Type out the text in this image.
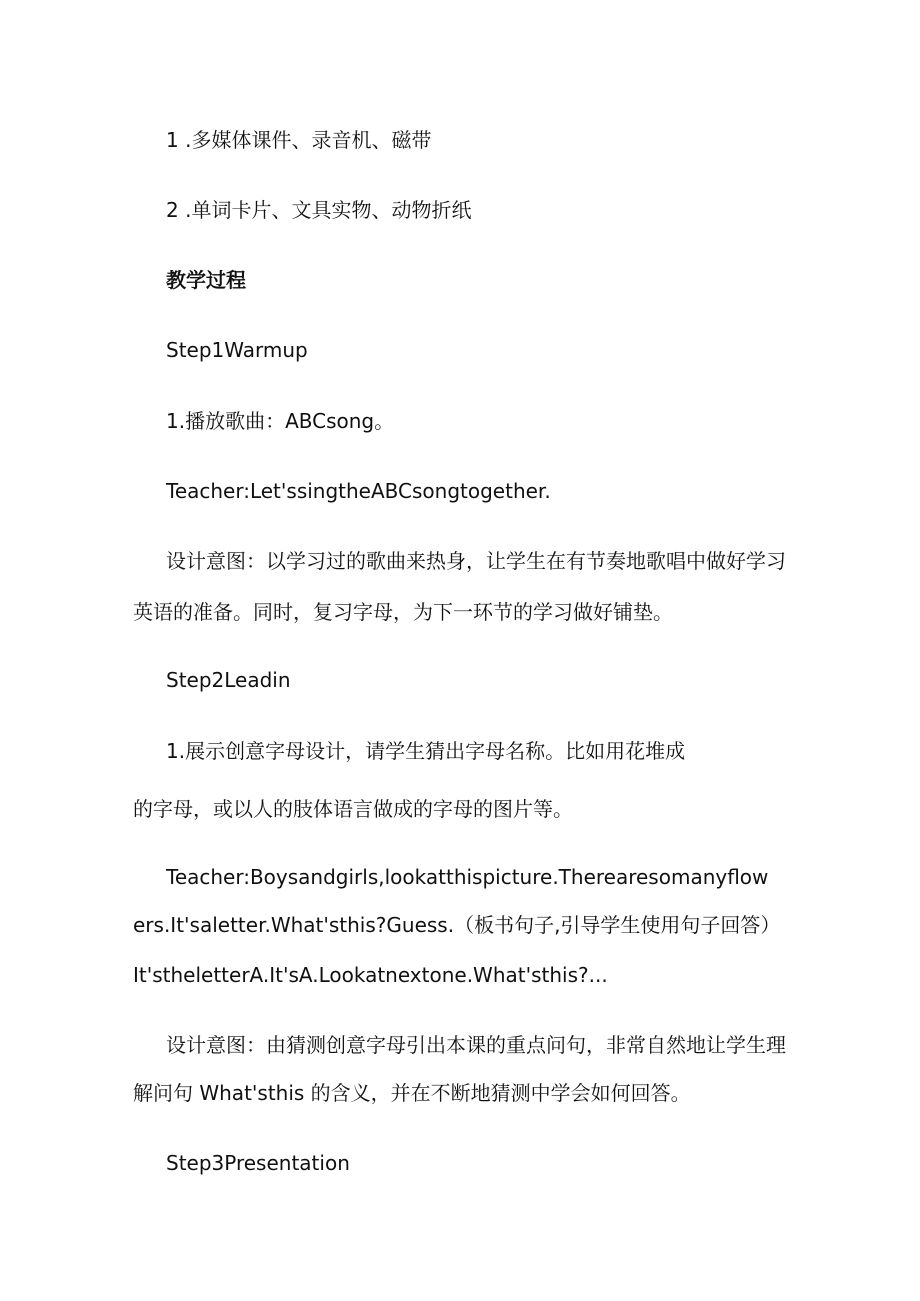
1 .多媒体课件、录音机、磁带
2 .单词卡片、文具实物、动物折纸
教学过程
Step1Warmup
1.播放歌曲：ABCsong。
Teacher:Let'ssingtheABCsongtogether.
设计意图：以学习过的歌曲来热身，让学生在有节奏地歌唱中做好学习
英语的准备。同时，复习字母，为下一环节的学习做好铺垫。
Step2Leadin
1.展示创意字母设计，请学生猜出字母名称。比如用花堆成
的字母，或以人的肢体语言做成的字母的图片等。
Teacher:Boysandgirls,lookatthispicture.Therearesomanyflow
ers.It'saletter.What'sthis?Guess.（板书句子,引导学生使用句子回答）
It'stheletterA.It'sA.Lookatnextone.What'sthis?...
设计意图：由猜测创意字母引出本课的重点问句，非常自然地让学生理
解问句 What'sthis 的含义，并在不断地猜测中学会如何回答。
Step3Presentation
